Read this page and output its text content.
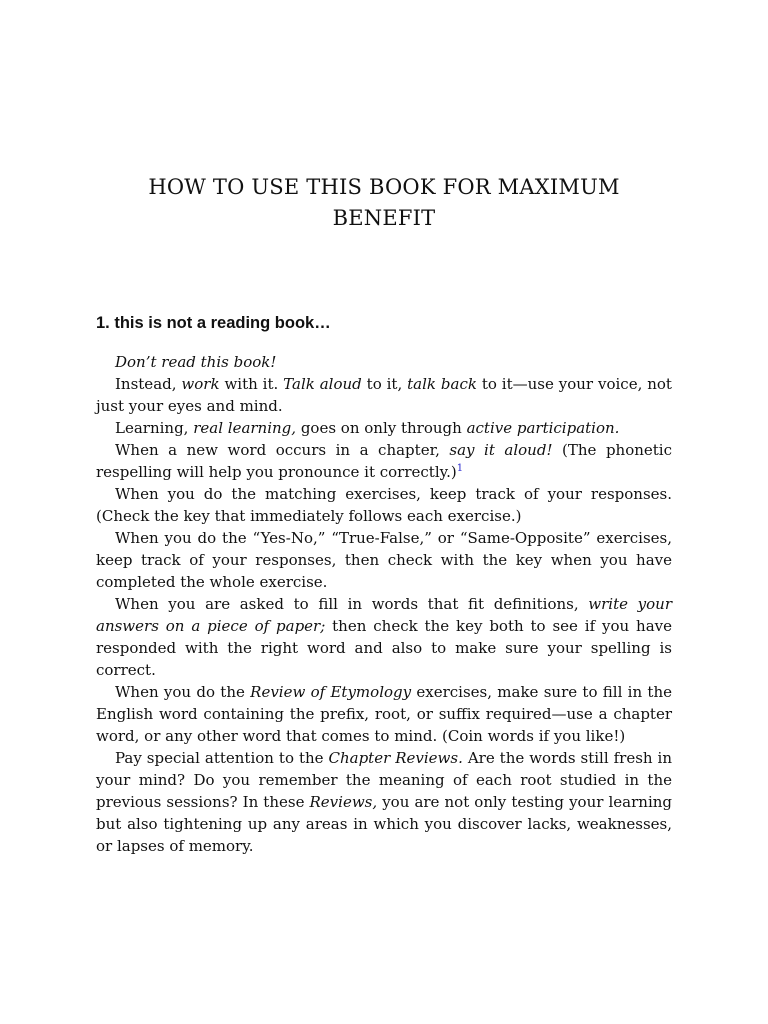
HOW TO USE THIS BOOK FOR MAXIMUM BENEFIT
1. this is not a reading book…

Don’t read this book!

Instead, work with it. Talk aloud to it, talk back to it—use your voice, not just your eyes and mind.

Learning, real learning, goes on only through active participation.

When a new word occurs in a chapter, say it aloud! (The phonetic respelling will help you pronounce it correctly.)$^1$

When you do the matching exercises, keep track of your responses. (Check the key that immediately follows each exercise.)

When you do the “Yes-No,” “True-False,” or “Same-Opposite” exercises, keep track of your responses, then check with the key when you have completed the whole exercise.

When you are asked to fill in words that fit definitions, write your answers on a piece of paper; then check the key both to see if you have responded with the right word and also to make sure your spelling is correct.

When you do the Review of Etymology exercises, make sure to fill in the English word containing the prefix, root, or suffix required—use a chapter word, or any other word that comes to mind. (Coin words if you like!)

Pay special attention to the Chapter Reviews. Are the words still fresh in your mind? Do you remember the meaning of each root studied in the previous sessions? In these Reviews, you are not only testing your learning but also tightening up any areas in which you discover lacks, weaknesses, or lapses of memory.
